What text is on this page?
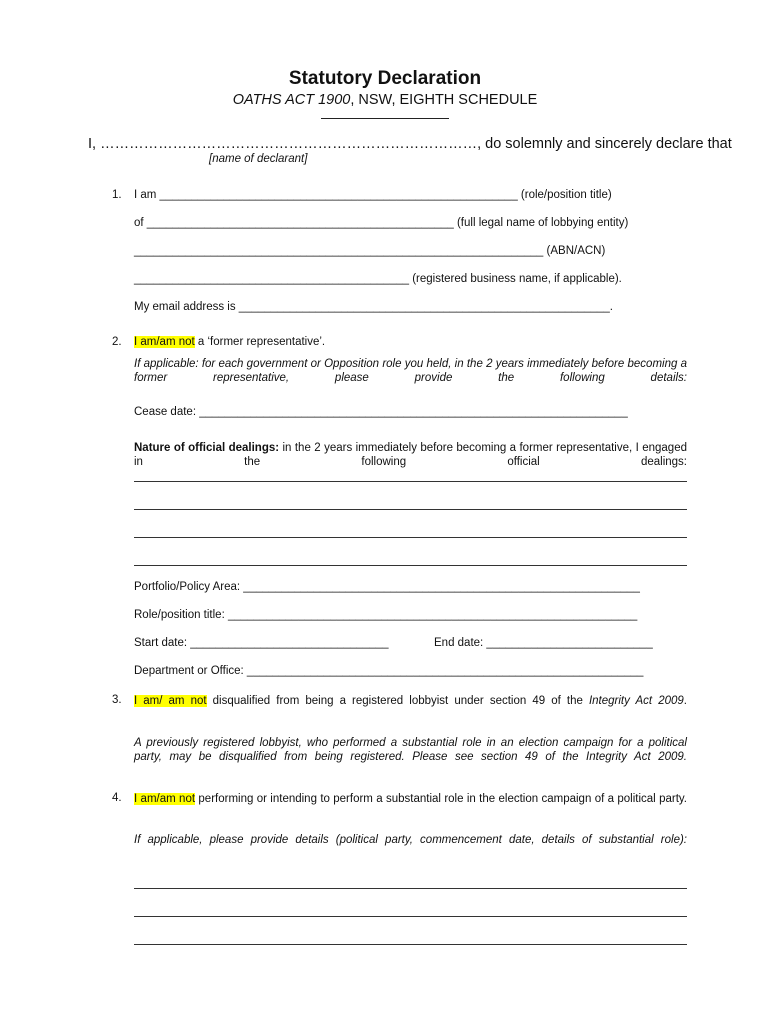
Statutory Declaration
OATHS ACT 1900, NSW, EIGHTH SCHEDULE
I, ……………………………………………………………………, do solemnly and sincerely declare that
[name of declarant]
1. I am ________________________________________________________ (role/position title)
of ________________________________________________ (full legal name of lobbying entity)
________________________________________________________________ (ABN/ACN)
___________________________________________ (registered business name, if applicable).
My email address is __________________________________________________________.
2. I am/am not a ‘former representative’.
If applicable: for each government or Opposition role you held, in the 2 years immediately before becoming a former representative, please provide the following details:
Cease date: ___________________________________________________________________
Nature of official dealings: in the 2 years immediately before becoming a former representative, I engaged in the following official dealings:
Portfolio/Policy Area: ______________________________________________________________
Role/position title: ________________________________________________________________
Start date: _______________________________	End date: __________________________
Department or Office: ______________________________________________________________
3. I am/ am not disqualified from being a registered lobbyist under section 49 of the Integrity Act 2009.
A previously registered lobbyist, who performed a substantial role in an election campaign for a political party, may be disqualified from being registered. Please see section 49 of the Integrity Act 2009.
4. I am/am not performing or intending to perform a substantial role in the election campaign of a political party.
If applicable, please provide details (political party, commencement date, details of substantial role):
